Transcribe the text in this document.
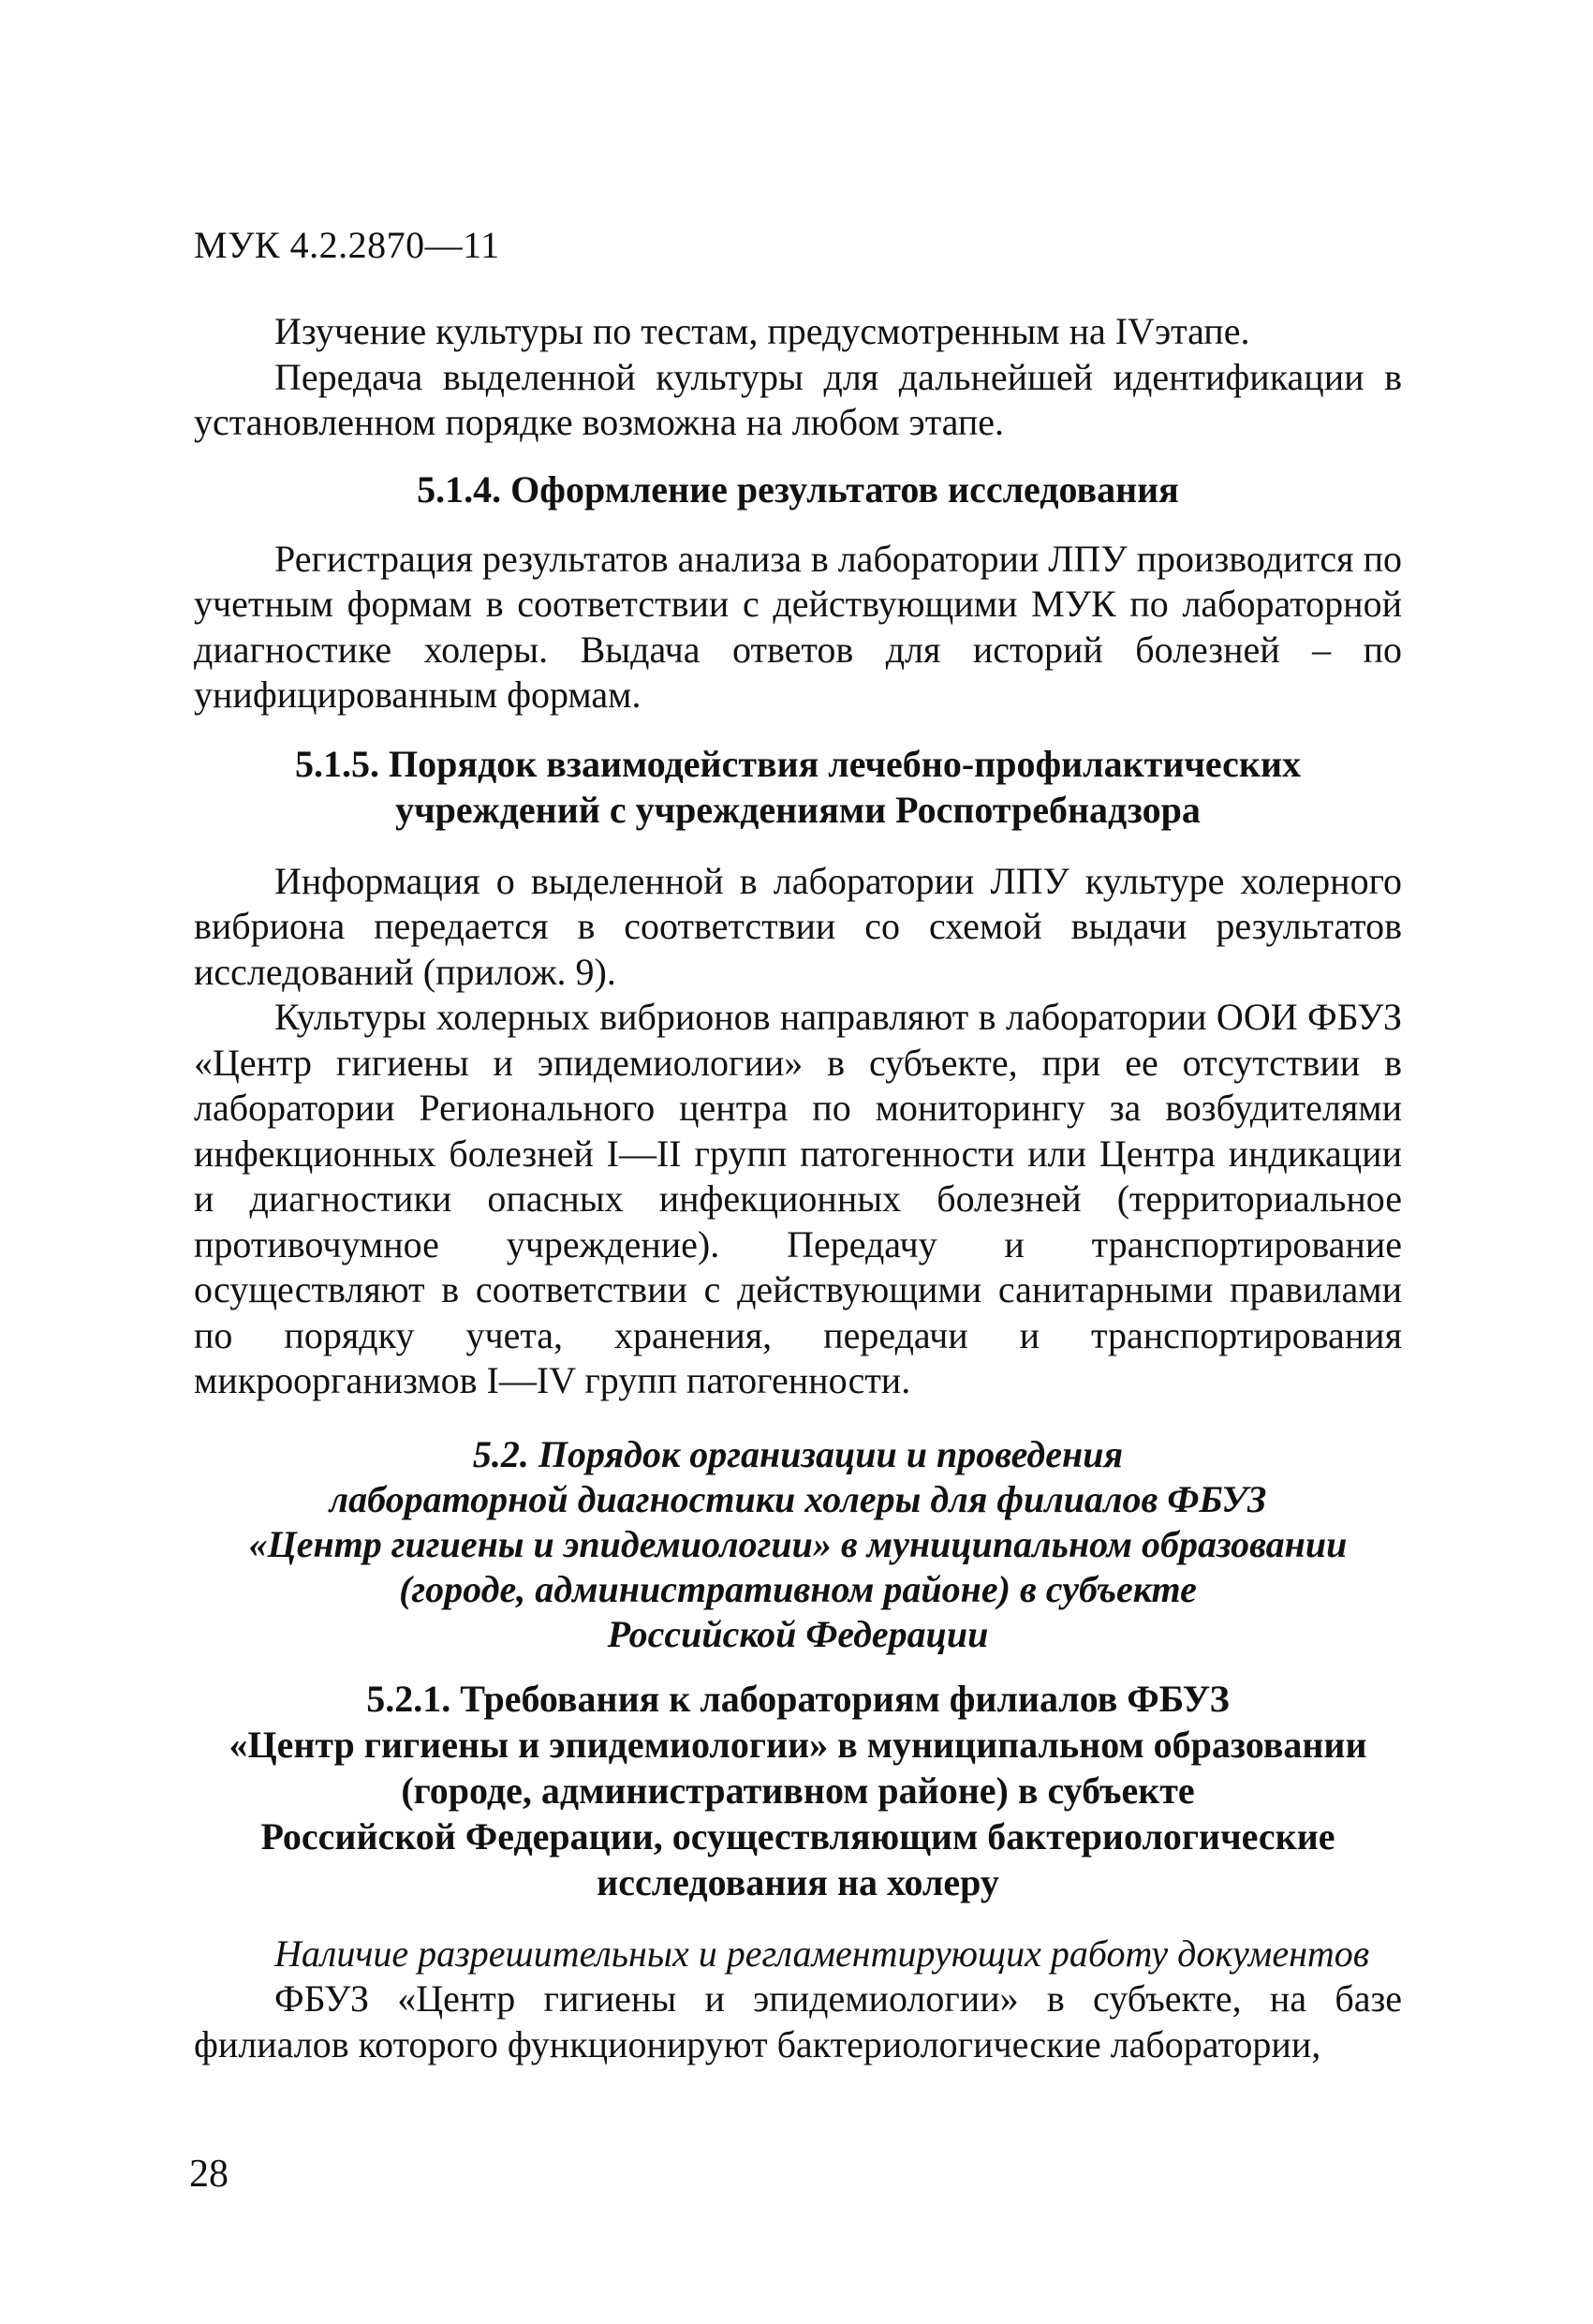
МУК 4.2.2870—11

Изучение культуры по тестам, предусмотренным на IVэтапе.

Передача выделенной культуры для дальнейшей идентификации в установленном порядке возможна на любом этапе.

5.1.4. Оформление результатов исследования

Регистрация результатов анализа в лаборатории ЛПУ производится по учетным формам в соответствии с действующими МУК по лабораторной диагностике холеры. Выдача ответов для историй болезней – по унифицированным формам.

5.1.5. Порядок взаимодействия лечебно-профилактических
учреждений с учреждениями Роспотребнадзора

Информация о выделенной в лаборатории ЛПУ культуре холерного вибриона передается в соответствии со схемой выдачи результатов исследований (прилож. 9).

Культуры холерных вибрионов направляют в лаборатории ООИ ФБУЗ «Центр гигиены и эпидемиологии» в субъекте, при ее отсутствии в лаборатории Регионального центра по мониторингу за возбудителями инфекционных болезней I—II групп патогенности или Центра индикации и диагностики опасных инфекционных болезней (территориальное противочумное учреждение). Передачу и транспортирование осуществляют в соответствии с действующими санитарными правилами по порядку учета, хранения, передачи и транспортирования микроорганизмов I—IV групп патогенности.

5.2. Порядок организации и проведения
лабораторной диагностики холеры для филиалов ФБУЗ
«Центр гигиены и эпидемиологии» в муниципальном образовании
(городе, административном районе) в субъекте
Российской Федерации
5.2.1. Требования к лабораториям филиалов ФБУЗ
«Центр гигиены и эпидемиологии» в муниципальном образовании
(городе, административном районе) в субъекте
Российской Федерации, осуществляющим бактериологические
исследования на холеру

Наличие разрешительных и регламентирующих работу документов

ФБУЗ «Центр гигиены и эпидемиологии» в субъекте, на базе филиалов которого функционируют бактериологические лаборатории,

28
